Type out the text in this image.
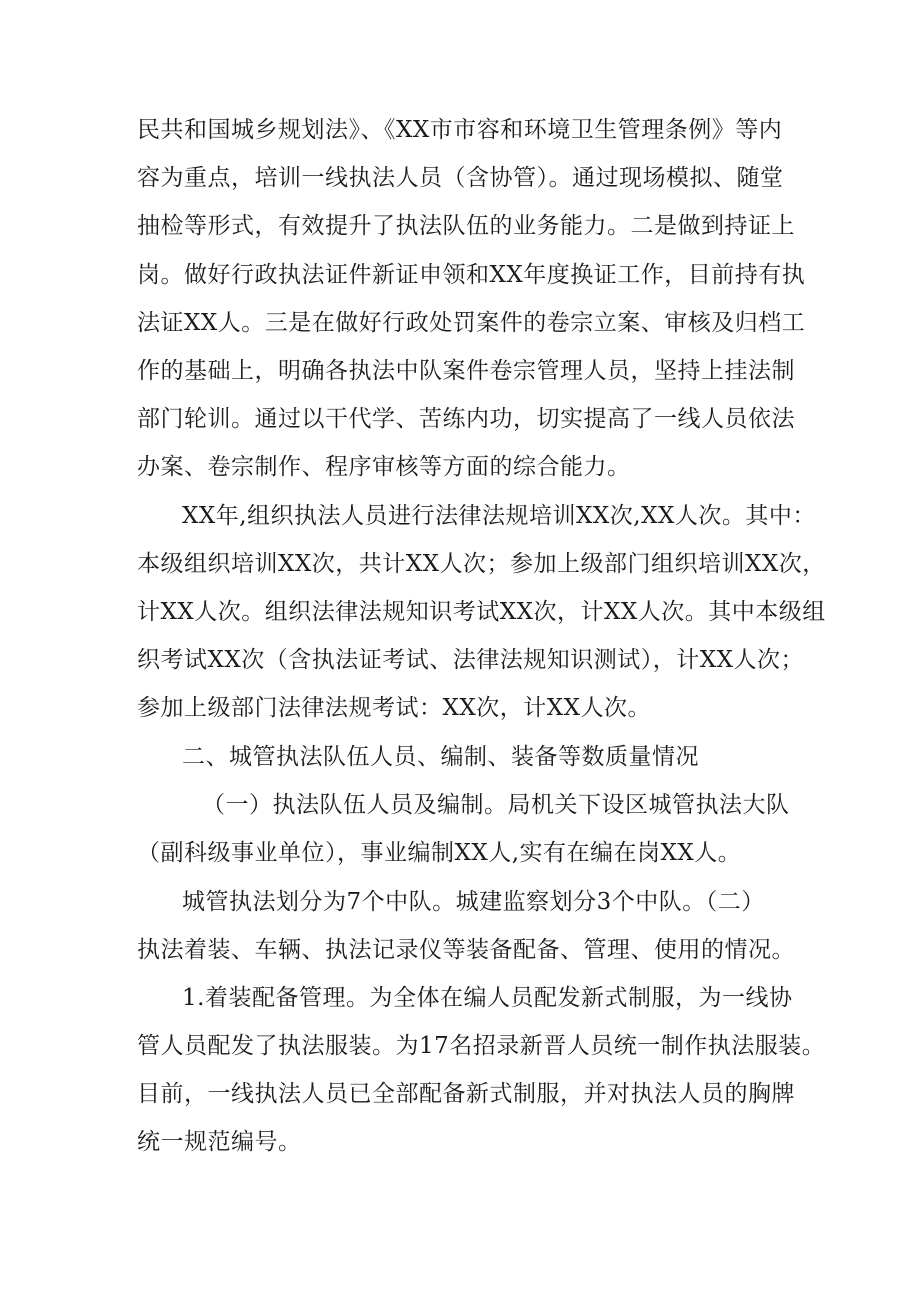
民共和国城乡规划法》、《XX市市容和环境卫生管理条例》等内
容为重点，培训一线执法人员（含协管）。通过现场模拟、随堂
抽检等形式，有效提升了执法队伍的业务能力。二是做到持证上
岗。做好行政执法证件新证申领和XX年度换证工作，目前持有执
法证XX人。三是在做好行政处罚案件的卷宗立案、审核及归档工
作的基础上，明确各执法中队案件卷宗管理人员，坚持上挂法制
部门轮训。通过以干代学、苦练内功，切实提高了一线人员依法
办案、卷宗制作、程序审核等方面的综合能力。
XX年,组织执法人员进行法律法规培训XX次,XX人次。其中：
本级组织培训XX次，共计XX人次；参加上级部门组织培训XX次，
计XX人次。组织法律法规知识考试XX次，计XX人次。其中本级组
织考试XX次（含执法证考试、法律法规知识测试），计XX人次；
参加上级部门法律法规考试：XX次，计XX人次。
二、城管执法队伍人员、编制、装备等数质量情况
（一）执法队伍人员及编制。局机关下设区城管执法大队
（副科级事业单位），事业编制XX人,实有在编在岗XX人。
城管执法划分为7个中队。城建监察划分3个中队。（二）
执法着装、车辆、执法记录仪等装备配备、管理、使用的情况。
1.着装配备管理。为全体在编人员配发新式制服，为一线协
管人员配发了执法服装。为17名招录新晋人员统一制作执法服装。
目前，一线执法人员已全部配备新式制服，并对执法人员的胸牌
统一规范编号。
